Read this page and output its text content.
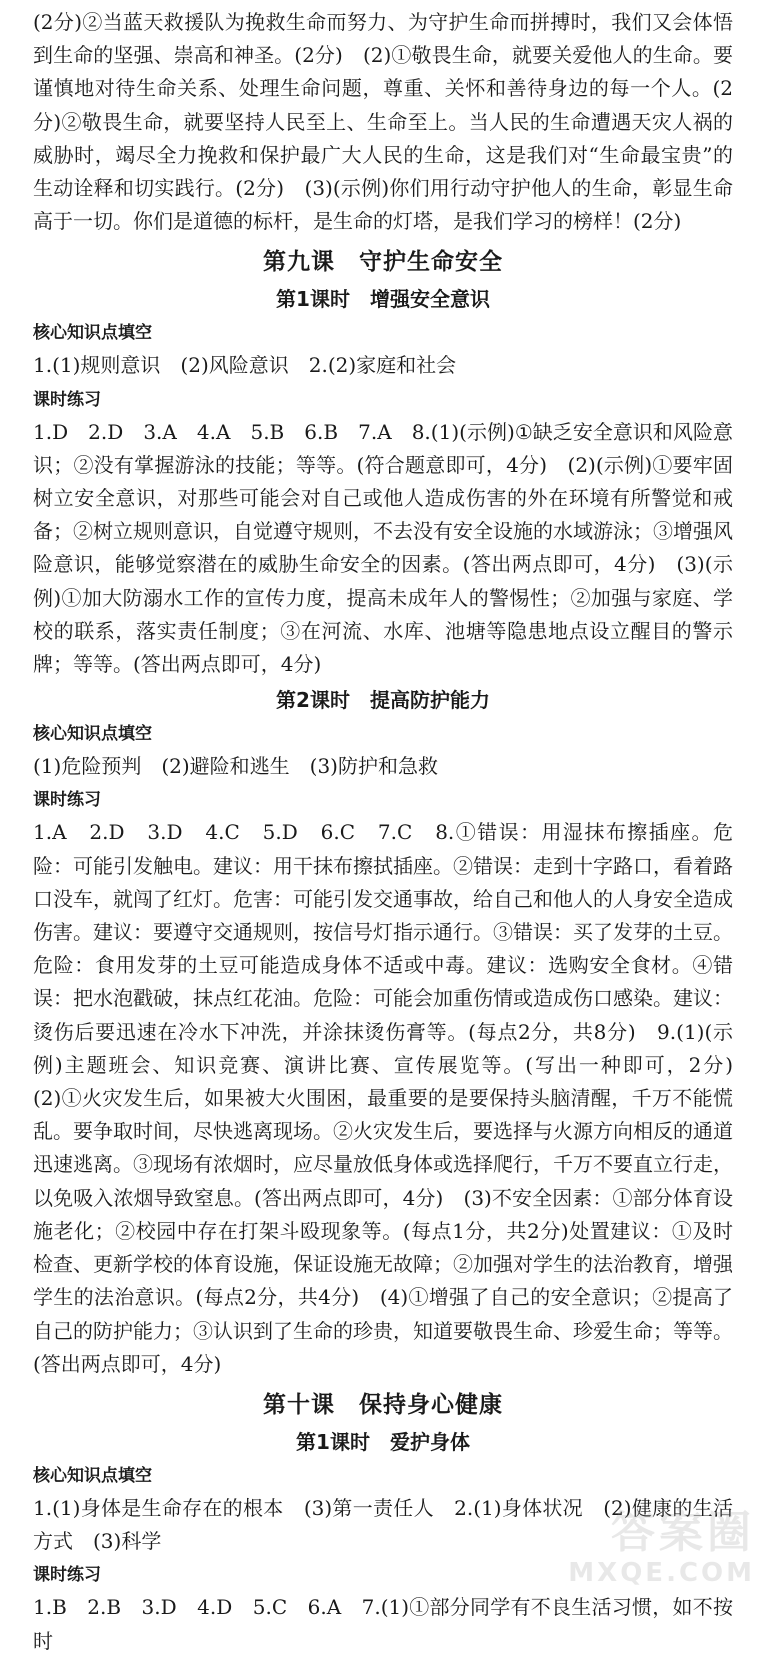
(2分)②当蓝天救援队为挽救生命而努力、为守护生命而拼搏时，我们又会体悟到生命的坚强、崇高和神圣。(2分)　(2)①敬畏生命，就要关爱他人的生命。要谨慎地对待生命关系、处理生命问题，尊重、关怀和善待身边的每一个人。(2分)②敬畏生命，就要坚持人民至上、生命至上。当人民的生命遭遇天灾人祸的威胁时，竭尽全力挽救和保护最广大人民的生命，这是我们对“生命最宝贵”的生动诠释和切实践行。(2分)　(3)(示例)你们用行动守护他人的生命，彰显生命高于一切。你们是道德的标杆，是生命的灯塔，是我们学习的榜样！(2分)

第九课　守护生命安全
第1课时　增强安全意识
核心知识点填空

1.(1)规则意识　(2)风险意识　2.(2)家庭和社会

课时练习

1.D　2.D　3.A　4.A　5.B　6.B　7.A　8.(1)(示例)①缺乏安全意识和风险意识；②没有掌握游泳的技能；等等。(符合题意即可，4分)　(2)(示例)①要牢固树立安全意识，对那些可能会对自己或他人造成伤害的外在环境有所警觉和戒备；②树立规则意识，自觉遵守规则，不去没有安全设施的水域游泳；③增强风险意识，能够觉察潜在的威胁生命安全的因素。(答出两点即可，4分)　(3)(示例)①加大防溺水工作的宣传力度，提高未成年人的警惕性；②加强与家庭、学校的联系，落实责任制度；③在河流、水库、池塘等隐患地点设立醒目的警示牌；等等。(答出两点即可，4分)

第2课时　提高防护能力
核心知识点填空

(1)危险预判　(2)避险和逃生　(3)防护和急救

课时练习

1.A　2.D　3.D　4.C　5.D　6.C　7.C　8.①错误：用湿抹布擦插座。危险：可能引发触电。建议：用干抹布擦拭插座。②错误：走到十字路口，看着路口没车，就闯了红灯。危害：可能引发交通事故，给自己和他人的人身安全造成伤害。建议：要遵守交通规则，按信号灯指示通行。③错误：买了发芽的土豆。危险：食用发芽的土豆可能造成身体不适或中毒。建议：选购安全食材。④错误：把水泡戳破，抹点红花油。危险：可能会加重伤情或造成伤口感染。建议：烫伤后要迅速在冷水下冲洗，并涂抹烫伤膏等。(每点2分，共8分)　9.(1)(示例)主题班会、知识竞赛、演讲比赛、宣传展览等。(写出一种即可，2分)　(2)①火灾发生后，如果被大火围困，最重要的是要保持头脑清醒，千万不能慌乱。要争取时间，尽快逃离现场。②火灾发生后，要选择与火源方向相反的通道迅速逃离。③现场有浓烟时，应尽量放低身体或选择爬行，千万不要直立行走，以免吸入浓烟导致窒息。(答出两点即可，4分)　(3)不安全因素：①部分体育设施老化；②校园中存在打架斗殴现象等。(每点1分，共2分)处置建议：①及时检查、更新学校的体育设施，保证设施无故障；②加强对学生的法治教育，增强学生的法治意识。(每点2分，共4分)　(4)①增强了自己的安全意识；②提高了自己的防护能力；③认识到了生命的珍贵，知道要敬畏生命、珍爱生命；等等。(答出两点即可，4分)

第十课　保持身心健康
第1课时　爱护身体
核心知识点填空

1.(1)身体是生命存在的根本　(3)第一责任人　2.(1)身体状况　(2)健康的生活方式　(3)科学

课时练习

1.B　2.B　3.D　4.D　5.C　6.A　7.(1)①部分同学有不良生活习惯，如不按时

答案圈
MXQE.COM
